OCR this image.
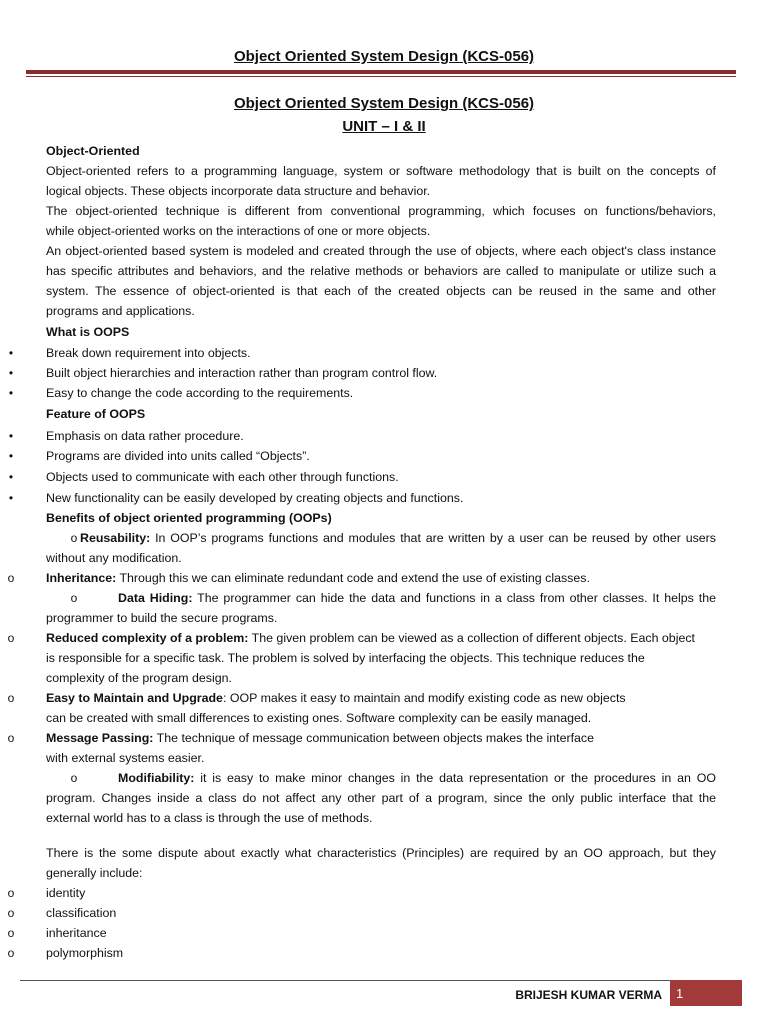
Object Oriented System Design (KCS-056)
Object Oriented System Design (KCS-056)
UNIT – I & II
Object-Oriented
Object-oriented refers to a programming language, system or software methodology that is built on the concepts of
logical objects. These objects incorporate data structure and behavior.
The object-oriented technique is different from conventional programming, which focuses on functions/behaviors,
while object-oriented works on the interactions of one or more objects.
An object-oriented based system is modeled and created through the use of objects, where each object's class instance
has specific attributes and behaviors, and the relative methods or behaviors are called to manipulate or utilize such a
system. The essence of object-oriented is that each of the created objects can be reused in the same and other
programs and applications.
What is OOPS
•	Break down requirement into objects.
•	Built object hierarchies and interaction rather than program control flow.
•	Easy to change the code according to the requirements.
Feature of OOPS
•	Emphasis on data rather procedure.
•	Programs are divided into units called “Objects”.
•	Objects used to communicate with each other through functions.
•	New functionality can be easily developed by creating objects and functions.
Benefits of object oriented programming (OOPs)
o Reusability: In OOP’s programs functions and modules that are written by a user can be reused by other users
without any modification.
o	Inheritance: Through this we can eliminate redundant code and extend the use of existing classes.
o	Data Hiding: The programmer can hide the data and functions in a class from other classes. It helps the
programmer to build the secure programs.
o	Reduced complexity of a problem: The given problem can be viewed as a collection of different objects. Each object
is responsible for a specific task. The problem is solved by interfacing the objects. This technique reduces the
complexity of the program design.
o	Easy to Maintain and Upgrade: OOP makes it easy to maintain and modify existing code as new objects
can be created with small differences to existing ones. Software complexity can be easily managed.
o	Message Passing: The technique of message communication between objects makes the interface
with external systems easier.
o	Modifiability: it is easy to make minor changes in the data representation or the procedures in an OO
program. Changes inside a class do not affect any other part of a program, since the only public interface that the
external world has to a class is through the use of methods.
There is the some dispute about exactly what characteristics (Principles) are required by an OO approach, but they
generally include:
o	identity
o	classification
o	inheritance
o	polymorphism
BRIJESH KUMAR VERMA 1
